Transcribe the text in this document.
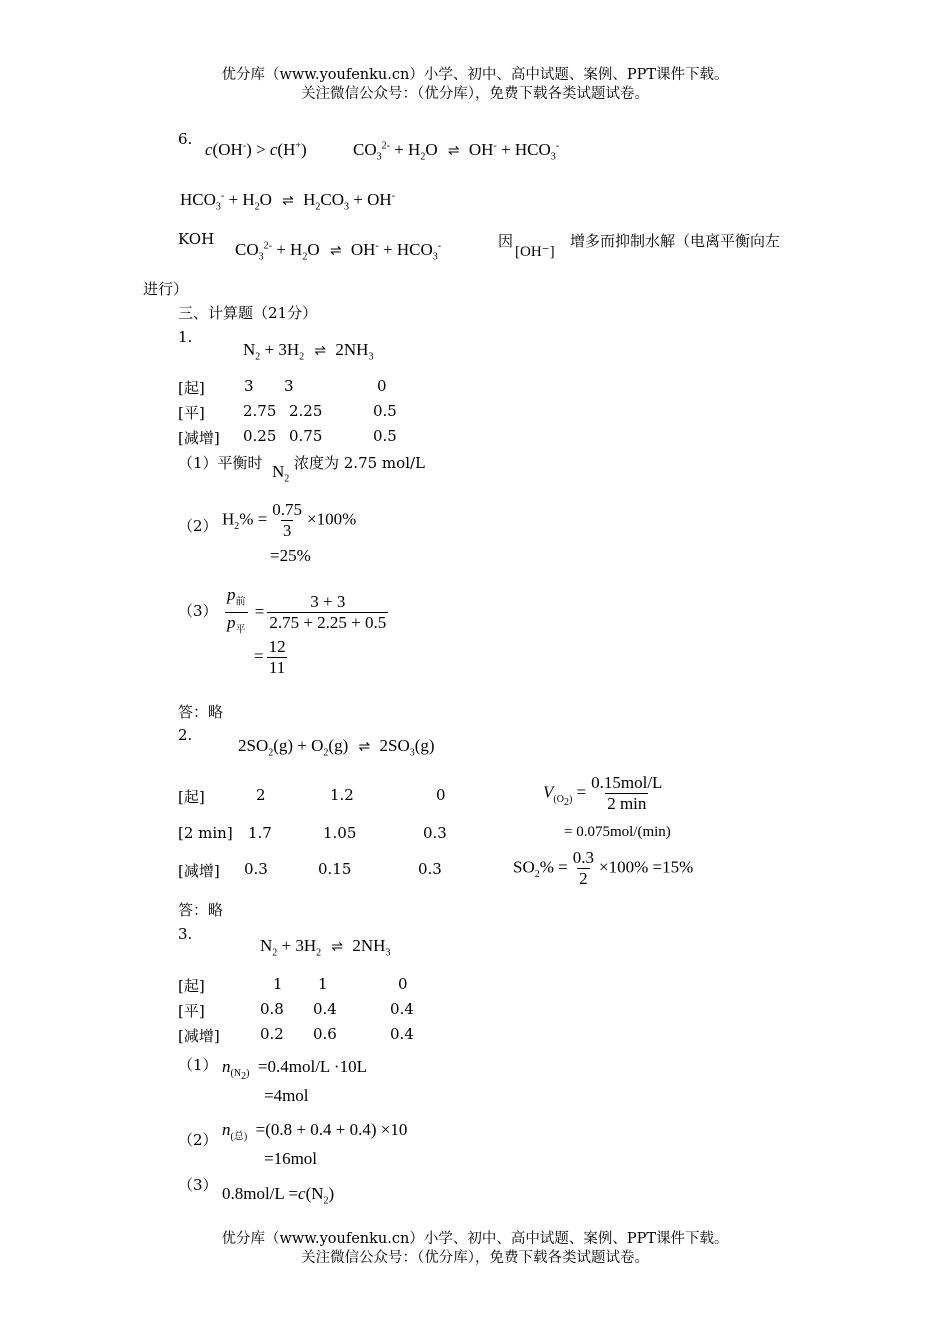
优分库（www.youfenku.cn）小学、初中、高中试题、案例、PPT课件下载。
关注微信公众号：（优分库），免费下载各类试题试卷。
6.
c(OH-) > c(H+)	$CO_3^{2-} + H_2O$ ⇌ $OH^- + HCO_3^-$
$HCO_3^- + H_2O$ ⇌ $H_2CO_3 + OH^-$
KOH
$CO_3^{2-} + H_2O$ ⇌ $OH^- + HCO_3^-$	因
[OH⁻]
增多而抑制水解（电离平衡向左
进行）
三、计算题（21分）
1.
$N_2 + 3H_2$ ⇌ $2NH_3$
[起]	3 3	0
[平]	2.75 2.25	0.5
[减增] 0.25 0.75	0.5
（1）平衡时 $N_2$
浓度为 2.75 mol/L
（2） $H_2\% = \frac{0.75}{3} \times 100\%$
=25%
$(3) \frac{p_前}{p_平} = \frac{3 + 3}{2.75 + 2.25 + 0.5}$
= $\frac{12}{11}$
答：略
2.
$2SO_2(g) + O_2(g)$ ⇌ $2SO_3(g)$
[起]	2	1.2	0
[2 min] 1.7	1.05	0.3
[减增] 0.3	0.15	0.3
$V_{(O_2)} = \frac{\text{0.15mol/L}}{2 \min}$
= 0.075mol/(min)
$SO_2\% = \frac{0.3}{2} \times 100\% =15\%$
答：略
3.
$N_2 + 3H_2$ ⇌ $2NH_3$
[起]	1 1	0
[平]	0.8 0.4	0.4
[减增]	0.2 0.6	0.4
（1） $n_{(N_2)} =0.4mol/L \cdot 10L$
=4mol
（2）
$n_{(总)} =(0.8 + 0.4 + 0.4) \times 10$
=16mol
（3） $0.8mol/L =c(N_2)$
优分库（www.youfenku.cn）小学、初中、高中试题、案例、PPT课件下载。
关注微信公众号：（优分库），免费下载各类试题试卷。
